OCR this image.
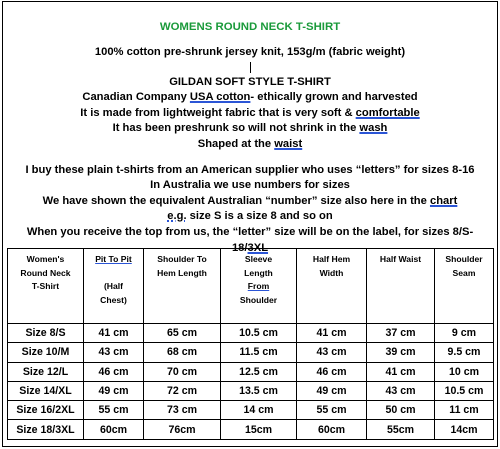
WOMENS ROUND NECK T-SHIRT
100% cotton pre-shrunk jersey knit, 153g/m (fabric weight)
GILDAN SOFT STYLE T-SHIRT
Canadian Company USA cotton- ethically grown and harvested
It is made from lightweight fabric that is very soft & comfortable
It has been preshrunk so will not shrink in the wash
Shaped at the waist
I buy these plain t-shirts from an American supplier who uses “letters” for sizes 8-16
In Australia we use numbers for sizes
We have shown the equivalent Australian “number” size also here in the chart
e.g. size S is a size 8 and so on
When you receive the top from us, the “letter” size will be on the label, for sizes 8/S-
18/3XL
Women's
Round Neck
T-Shirt	Pit To Pit
(Half
Chest)	Shoulder To
Hem Length	Sleeve
Length
From
Shoulder	Half Hem
Width	Half Waist	Shoulder
Seam

Size 8/S	41 cm	65 cm	10.5 cm	41 cm	37 cm	9 cm
Size 10/M	43 cm	68 cm	11.5 cm	43 cm	39 cm	9.5 cm
Size 12/L	46 cm	70 cm	12.5 cm	46 cm	41 cm	10 cm
Size 14/XL	49 cm	72 cm	13.5 cm	49 cm	43 cm	10.5 cm
Size 16/2XL	55 cm	73 cm	14 cm	55 cm	50 cm	11 cm
Size 18/3XL	60cm	76cm	15cm	60cm	55cm	14cm
